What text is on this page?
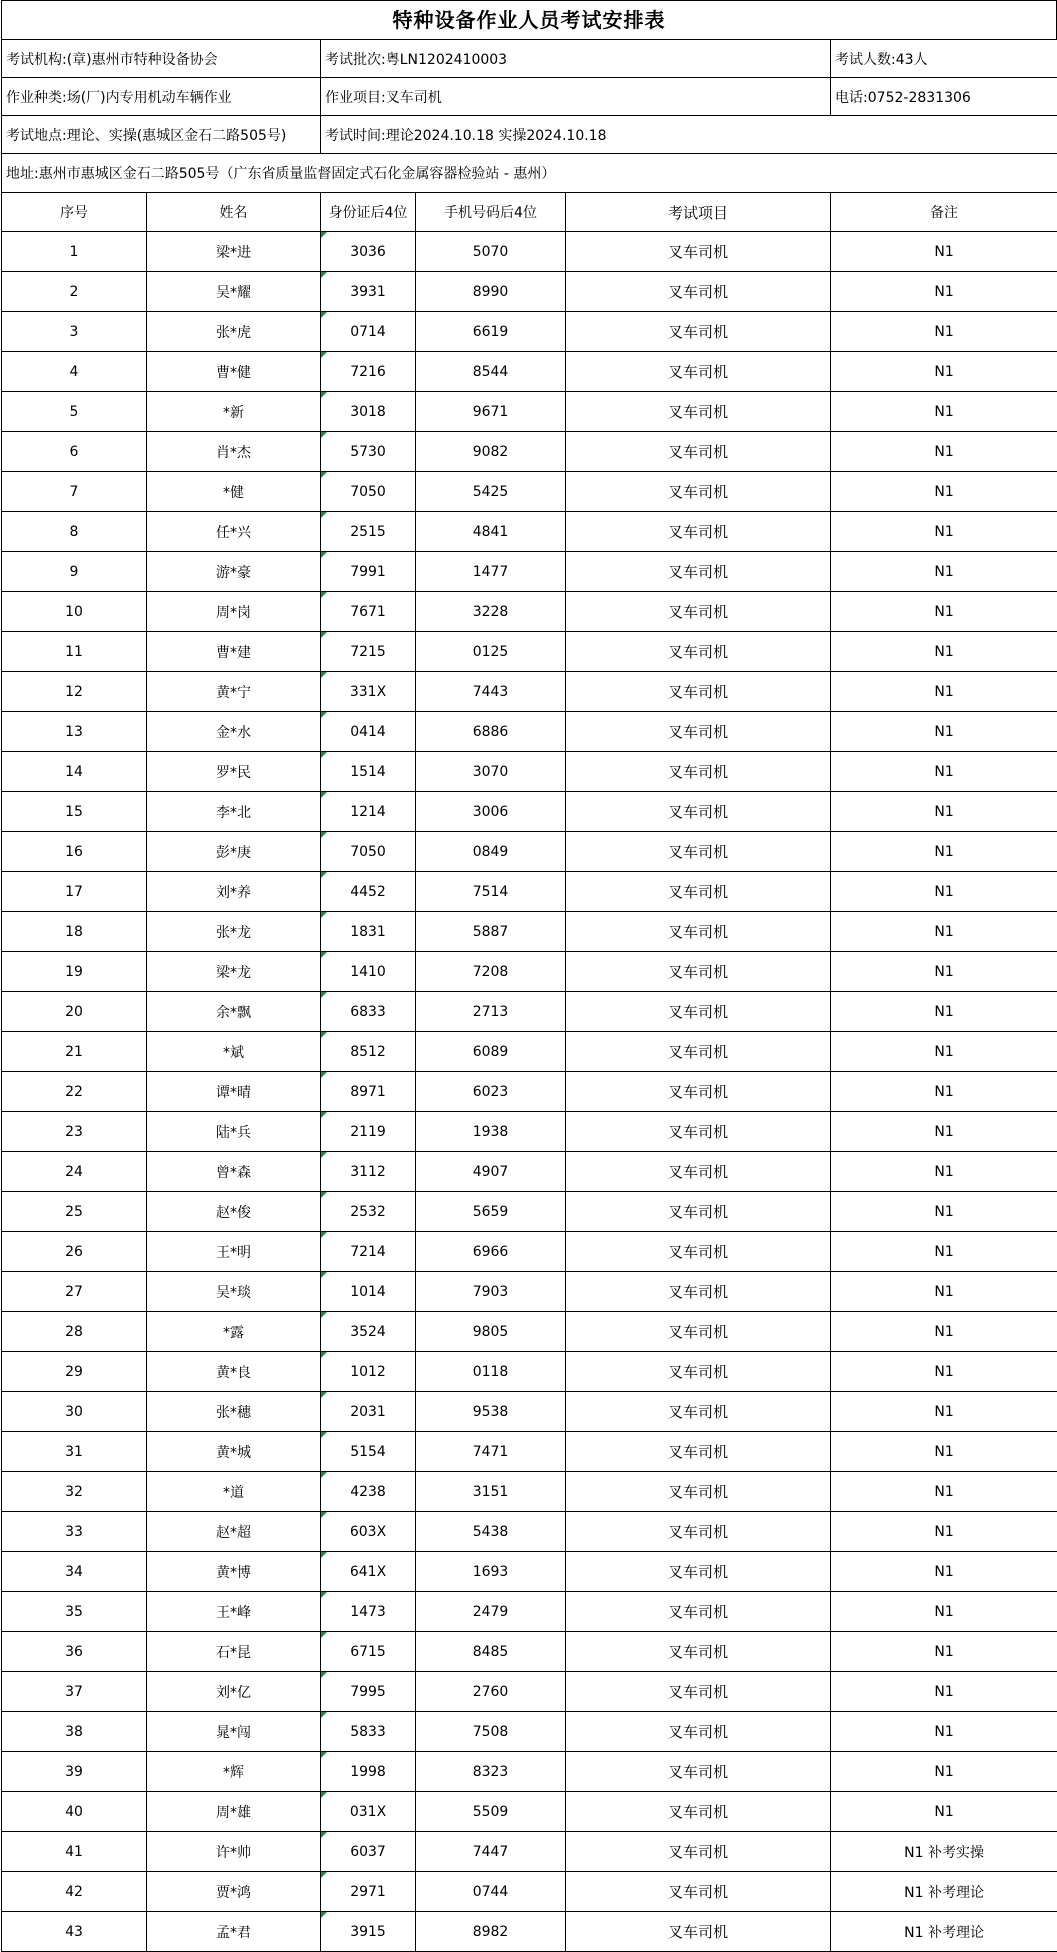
特种设备作业人员考试安排表
考试机构:(章)惠州市特种设备协会		考试批次:粤LN1202410003			考试人数:43人
作业种类:场(厂)内专用机动车辆作业		作业项目:叉车司机			电话:0752-2831306
考试地点:理论、实操(惠城区金石二路505号)		考试时间:理论2024.10.18 实操2024.10.18			
地址:惠州市惠城区金石二路505号（广东省质量监督固定式石化金属容器检验站 - 惠州）					
序号	姓名	身份证后4位	手机号码后4位	考试项目	备注
1	梁*进	3036	5070	叉车司机	N1
2	吴*耀	3931	8990	叉车司机	N1
3	张*虎	0714	6619	叉车司机	N1
4	曹*健	7216	8544	叉车司机	N1
5	*新	3018	9671	叉车司机	N1
6	肖*杰	5730	9082	叉车司机	N1
7	*健	7050	5425	叉车司机	N1
8	任*兴	2515	4841	叉车司机	N1
9	游*豪	7991	1477	叉车司机	N1
10	周*岗	7671	3228	叉车司机	N1
11	曹*建	7215	0125	叉车司机	N1
12	黄*宁	331X	7443	叉车司机	N1
13	金*水	0414	6886	叉车司机	N1
14	罗*民	1514	3070	叉车司机	N1
15	李*北	1214	3006	叉车司机	N1
16	彭*庚	7050	0849	叉车司机	N1
17	刘*养	4452	7514	叉车司机	N1
18	张*龙	1831	5887	叉车司机	N1
19	梁*龙	1410	7208	叉车司机	N1
20	余*飘	6833	2713	叉车司机	N1
21	*斌	8512	6089	叉车司机	N1
22	谭*晴	8971	6023	叉车司机	N1
23	陆*兵	2119	1938	叉车司机	N1
24	曾*森	3112	4907	叉车司机	N1
25	赵*俊	2532	5659	叉车司机	N1
26	王*明	7214	6966	叉车司机	N1
27	吴*琰	1014	7903	叉车司机	N1
28	*露	3524	9805	叉车司机	N1
29	黄*良	1012	0118	叉车司机	N1
30	张*穗	2031	9538	叉车司机	N1
31	黄*城	5154	7471	叉车司机	N1
32	*道	4238	3151	叉车司机	N1
33	赵*超	603X	5438	叉车司机	N1
34	黄*博	641X	1693	叉车司机	N1
35	王*峰	1473	2479	叉车司机	N1
36	石*昆	6715	8485	叉车司机	N1
37	刘*亿	7995	2760	叉车司机	N1
38	晁*闯	5833	7508	叉车司机	N1
39	*辉	1998	8323	叉车司机	N1
40	周*雄	031X	5509	叉车司机	N1
41	许*帅	6037	7447	叉车司机	N1 补考实操
42	贾*鸿	2971	0744	叉车司机	N1 补考理论
43	孟*君	3915	8982	叉车司机	N1 补考理论
